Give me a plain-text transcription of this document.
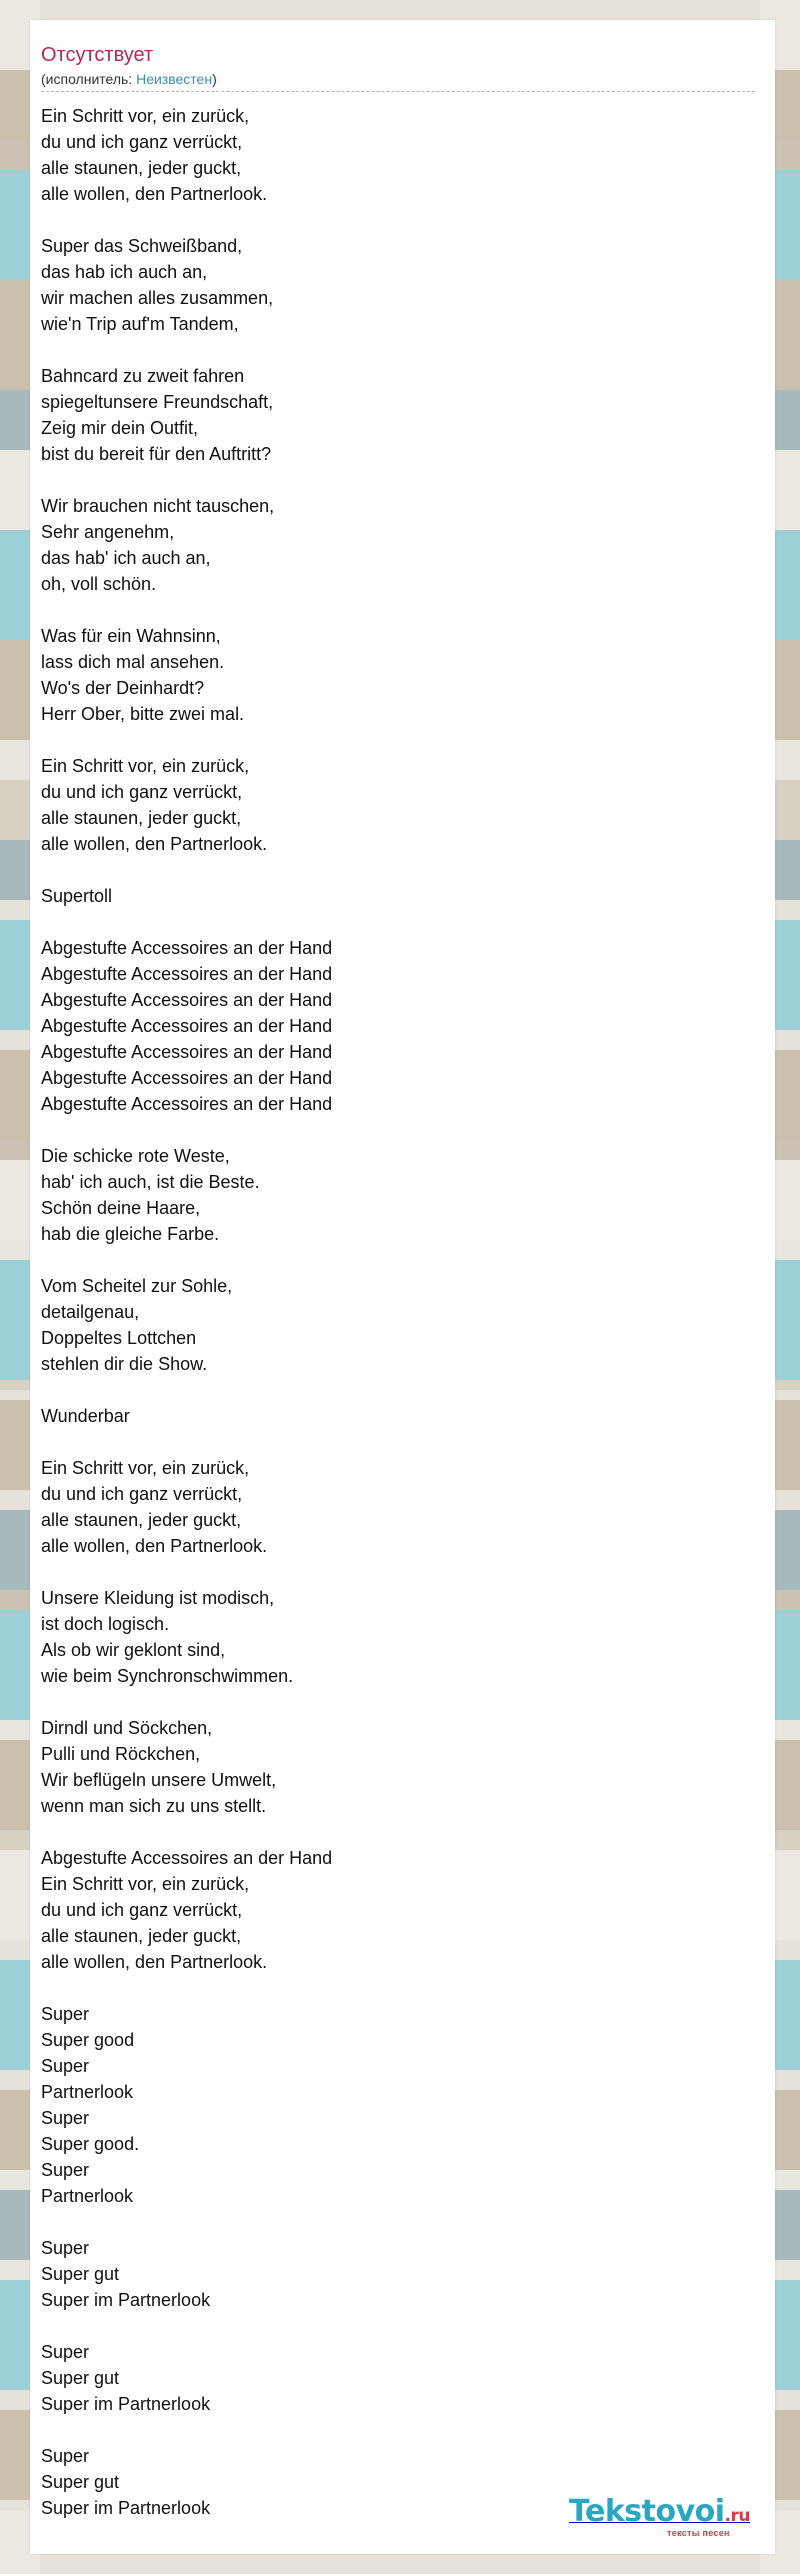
Отсутствует
(исполнитель: Неизвестен)
Ein Schritt vor, ein zurück,
du und ich ganz verrückt,
alle staunen, jeder guckt,
alle wollen, den Partnerlook.
Super das Schweißband,
das hab ich auch an,
wir machen alles zusammen,
wie'n Trip auf'm Tandem,
Bahncard zu zweit fahren
spiegeltunsere Freundschaft,
Zeig mir dein Outfit,
bist du bereit für den Auftritt?
Wir brauchen nicht tauschen,
Sehr angenehm,
das hab' ich auch an,
oh, voll schön.
Was für ein Wahnsinn,
lass dich mal ansehen.
Wo's der Deinhardt?
Herr Ober, bitte zwei mal.
Ein Schritt vor, ein zurück,
du und ich ganz verrückt,
alle staunen, jeder guckt,
alle wollen, den Partnerlook.
Supertoll
Abgestufte Accessoires an der Hand
Abgestufte Accessoires an der Hand
Abgestufte Accessoires an der Hand
Abgestufte Accessoires an der Hand
Abgestufte Accessoires an der Hand
Abgestufte Accessoires an der Hand
Abgestufte Accessoires an der Hand
Die schicke rote Weste,
hab' ich auch, ist die Beste.
Schön deine Haare,
hab die gleiche Farbe.
Vom Scheitel zur Sohle,
detailgenau,
Doppeltes Lottchen
stehlen dir die Show.
Wunderbar
Ein Schritt vor, ein zurück,
du und ich ganz verrückt,
alle staunen, jeder guckt,
alle wollen, den Partnerlook.
Unsere Kleidung ist modisch,
ist doch logisch.
Als ob wir geklont sind,
wie beim Synchronschwimmen.
Dirndl und Söckchen,
Pulli und Röckchen,
Wir beflügeln unsere Umwelt,
wenn man sich zu uns stellt.
Abgestufte Accessoires an der Hand
Ein Schritt vor, ein zurück,
du und ich ganz verrückt,
alle staunen, jeder guckt,
alle wollen, den Partnerlook.
Super
Super good
Super
Partnerlook
Super
Super good.
Super
Partnerlook
Super
Super gut
Super im Partnerlook
Super
Super gut
Super im Partnerlook
Super
Super gut
Super im Partnerlook	Tekstovoi.ru
тексты песен
